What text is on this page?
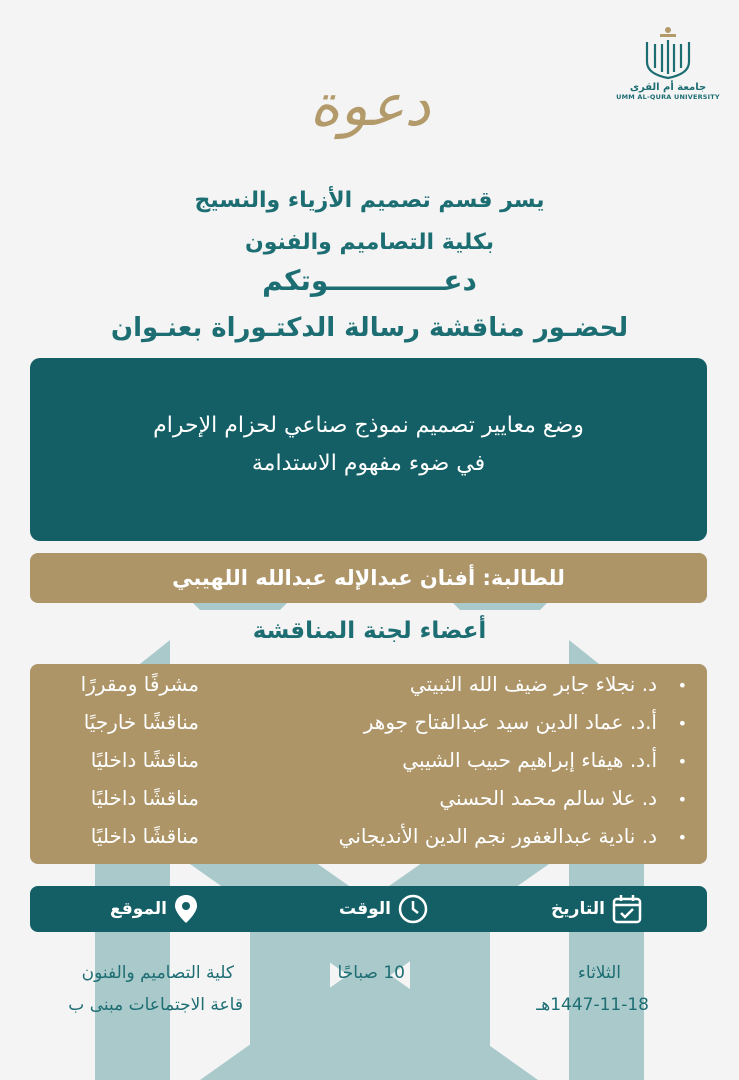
جامعة أم القرى
UMM AL-QURA UNIVERSITY
دعوة
يسر قسم تصميم الأزياء والنسيج
بكلية التصاميم والفنون
دعــــــــــــوتكم
لحضـور مناقشة رسالة الدكتـوراة بعنـوان
وضع معايير تصميم نموذج صناعي لحزام الإحرام
في ضوء مفهوم الاستدامة
للطالبة: أفنان عبدالإله عبدالله اللهيبي
أعضاء لجنة المناقشة
•
د. نجلاء جابر ضيف الله الثبيتي
مشرفًا ومقررًا
•
أ.د. عماد الدين سيد عبدالفتاح جوهر
مناقشًا خارجيًا
•
أ.د. هيفاء إبراهيم حبيب الشيبي
مناقشًا داخليًا
•
د. علا سالم محمد الحسني
مناقشًا داخليًا
•
د. نادية عبدالغفور نجم الدين الأنديجاني
مناقشًا داخليًا
التاريخ
الوقت
الموقع
الثلاثاء
1447-11-18هـ
10 صباحًا
كلية التصاميم والفنون
قاعة الاجتماعات مبنى ب
